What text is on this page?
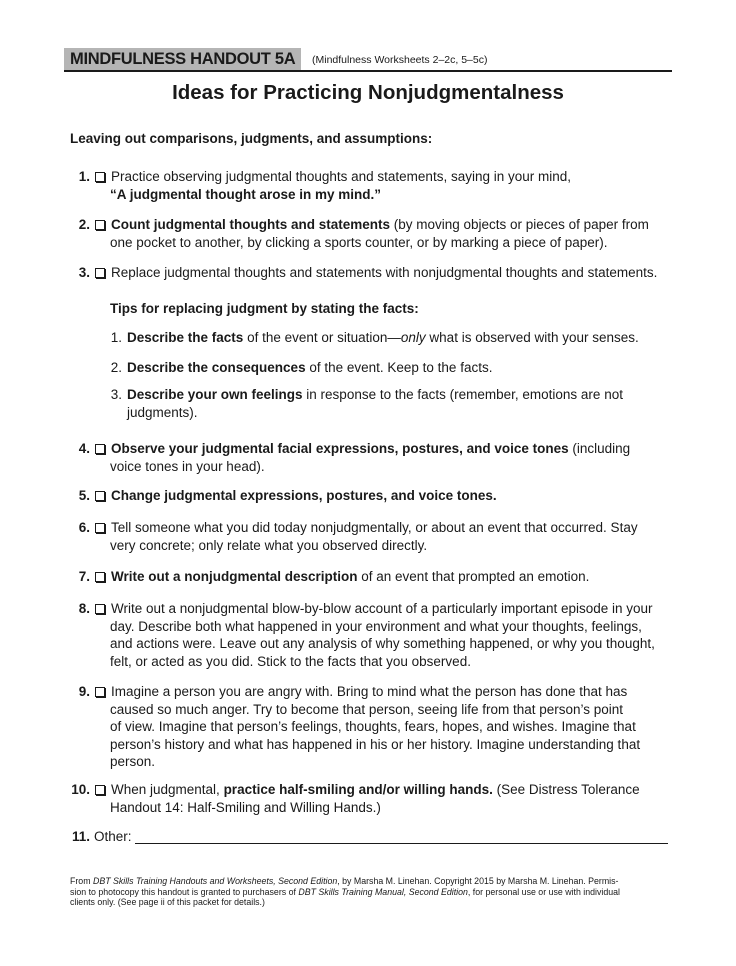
MINDFULNESS HANDOUT 5A	(Mindfulness Worksheets 2–2c, 5–5c)
Ideas for Practicing Nonjudgmentalness
Leaving out comparisons, judgments, and assumptions:
1. Practice observing judgmental thoughts and statements, saying in your mind,
“A judgmental thought arose in my mind.”
2. Count judgmental thoughts and statements (by moving objects or pieces of paper from
one pocket to another, by clicking a sports counter, or by marking a piece of paper).
3. Replace judgmental thoughts and statements with nonjudgmental thoughts and statements.
4. Observe your judgmental facial expressions, postures, and voice tones (including
voice tones in your head).
5. Change judgmental expressions, postures, and voice tones.
6. Tell someone what you did today nonjudgmentally, or about an event that occurred. Stay
very concrete; only relate what you observed directly.
7. Write out a nonjudgmental description of an event that prompted an emotion.
8. Write out a nonjudgmental blow-by-blow account of a particularly important episode in your
day. Describe both what happened in your environment and what your thoughts, feelings,
and actions were. Leave out any analysis of why something happened, or why you thought,
felt, or acted as you did. Stick to the facts that you observed.
9. Imagine a person you are angry with. Bring to mind what the person has done that has
caused so much anger. Try to become that person, seeing life from that person’s point
of view. Imagine that person’s feelings, thoughts, fears, hopes, and wishes. Imagine that
person’s history and what has happened in his or her history. Imagine understanding that
person.
10. When judgmental, practice half-smiling and/or willing hands. (See Distress Tolerance
Handout 14: Half-Smiling and Willing Hands.)
Tips for replacing judgment by stating the facts:
1. Describe the facts of the event or situation—only what is observed with your senses.
2. Describe the consequences of the event. Keep to the facts.
3. Describe your own feelings in response to the facts (remember, emotions are not
judgments).
11. Other:
From DBT Skills Training Handouts and Worksheets, Second Edition, by Marsha M. Linehan. Copyright 2015 by Marsha M. Linehan. Permis-
sion to photocopy this handout is granted to purchasers of DBT Skills Training Manual, Second Edition, for personal use or use with individual
clients only. (See page ii of this packet for details.)
